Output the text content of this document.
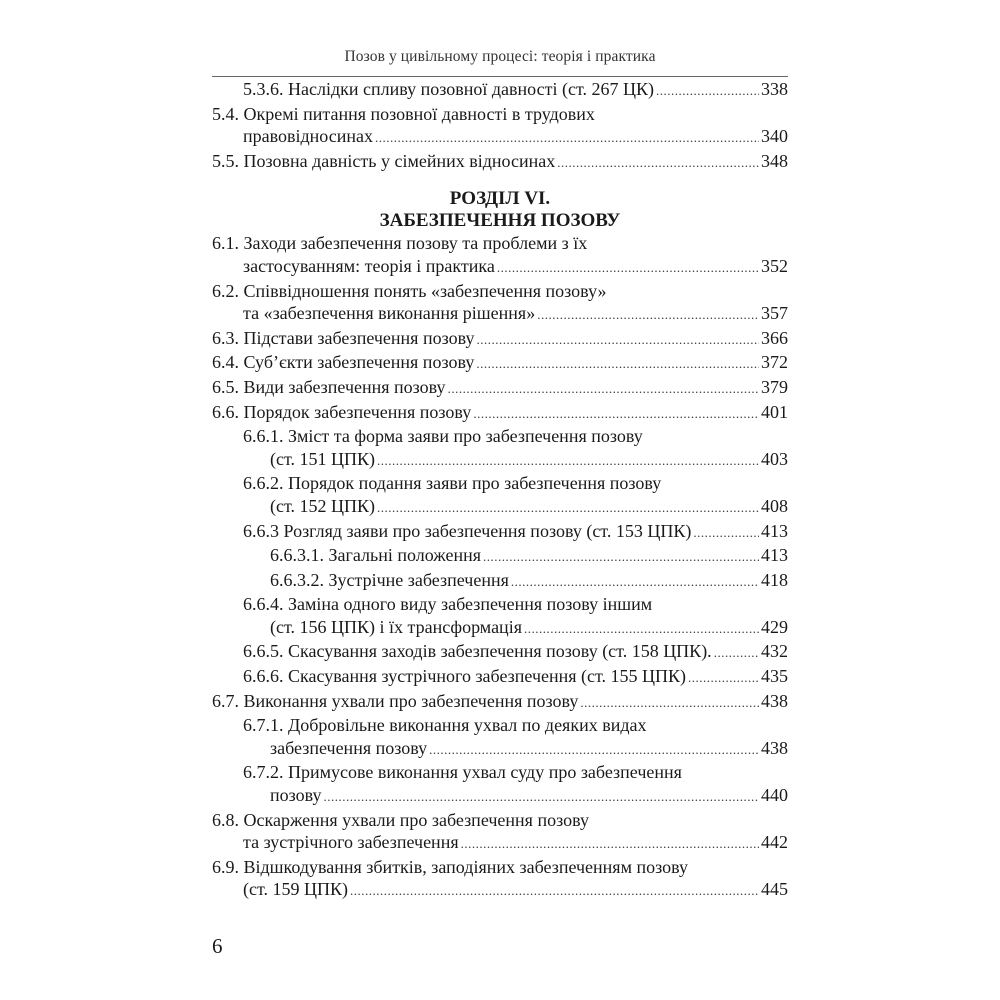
Позов у цивільному процесі: теорія і практика
5.3.6. Наслідки спливу позовної давності (ст. 267 ЦК) .....	338
5.4. Окремі питання позовної давності в трудових
правовідносинах .....	340
5.5. Позовна давність у сімейних відносинах .....	348
РОЗДІЛ VI.
ЗАБЕЗПЕЧЕННЯ ПОЗОВУ
6.1. Заходи забезпечення позову та проблеми з їх
застосуванням: теорія і практика .....	352
6.2. Співвідношення понять «забезпечення позову»
та «забезпечення виконання рішення» .....	357
6.3. Підстави забезпечення позову .....	366
6.4. Суб’єкти забезпечення позову .....	372
6.5. Види забезпечення позову .....	379
6.6. Порядок забезпечення позову .....	401
6.6.1. Зміст та форма заяви про забезпечення позову
(ст. 151 ЦПК) .....	403
6.6.2. Порядок подання заяви про забезпечення позову
(ст. 152 ЦПК) .....	408
6.6.3 Розгляд заяви про забезпечення позову (ст. 153 ЦПК) .....	413
6.6.3.1. Загальні положення .....	413
6.6.3.2. Зустрічне забезпечення .....	418
6.6.4. Заміна одного виду забезпечення позову іншим
(ст. 156 ЦПК) і їх трансформація .....	429
6.6.5. Скасування заходів забезпечення позову (ст. 158 ЦПК). .....	432
6.6.6. Скасування зустрічного забезпечення (ст. 155 ЦПК) .....	435
6.7. Виконання ухвали про забезпечення позову .....	438
6.7.1. Добровільне виконання ухвал по деяких видах
забезпечення позову .....	438
6.7.2. Примусове виконання ухвал суду про забезпечення
позову .....	440
6.8. Оскарження ухвали про забезпечення позову
та зустрічного забезпечення .....	442
6.9. Відшкодування збитків, заподіяних забезпеченням позову
(ст. 159 ЦПК) .....	445
6
